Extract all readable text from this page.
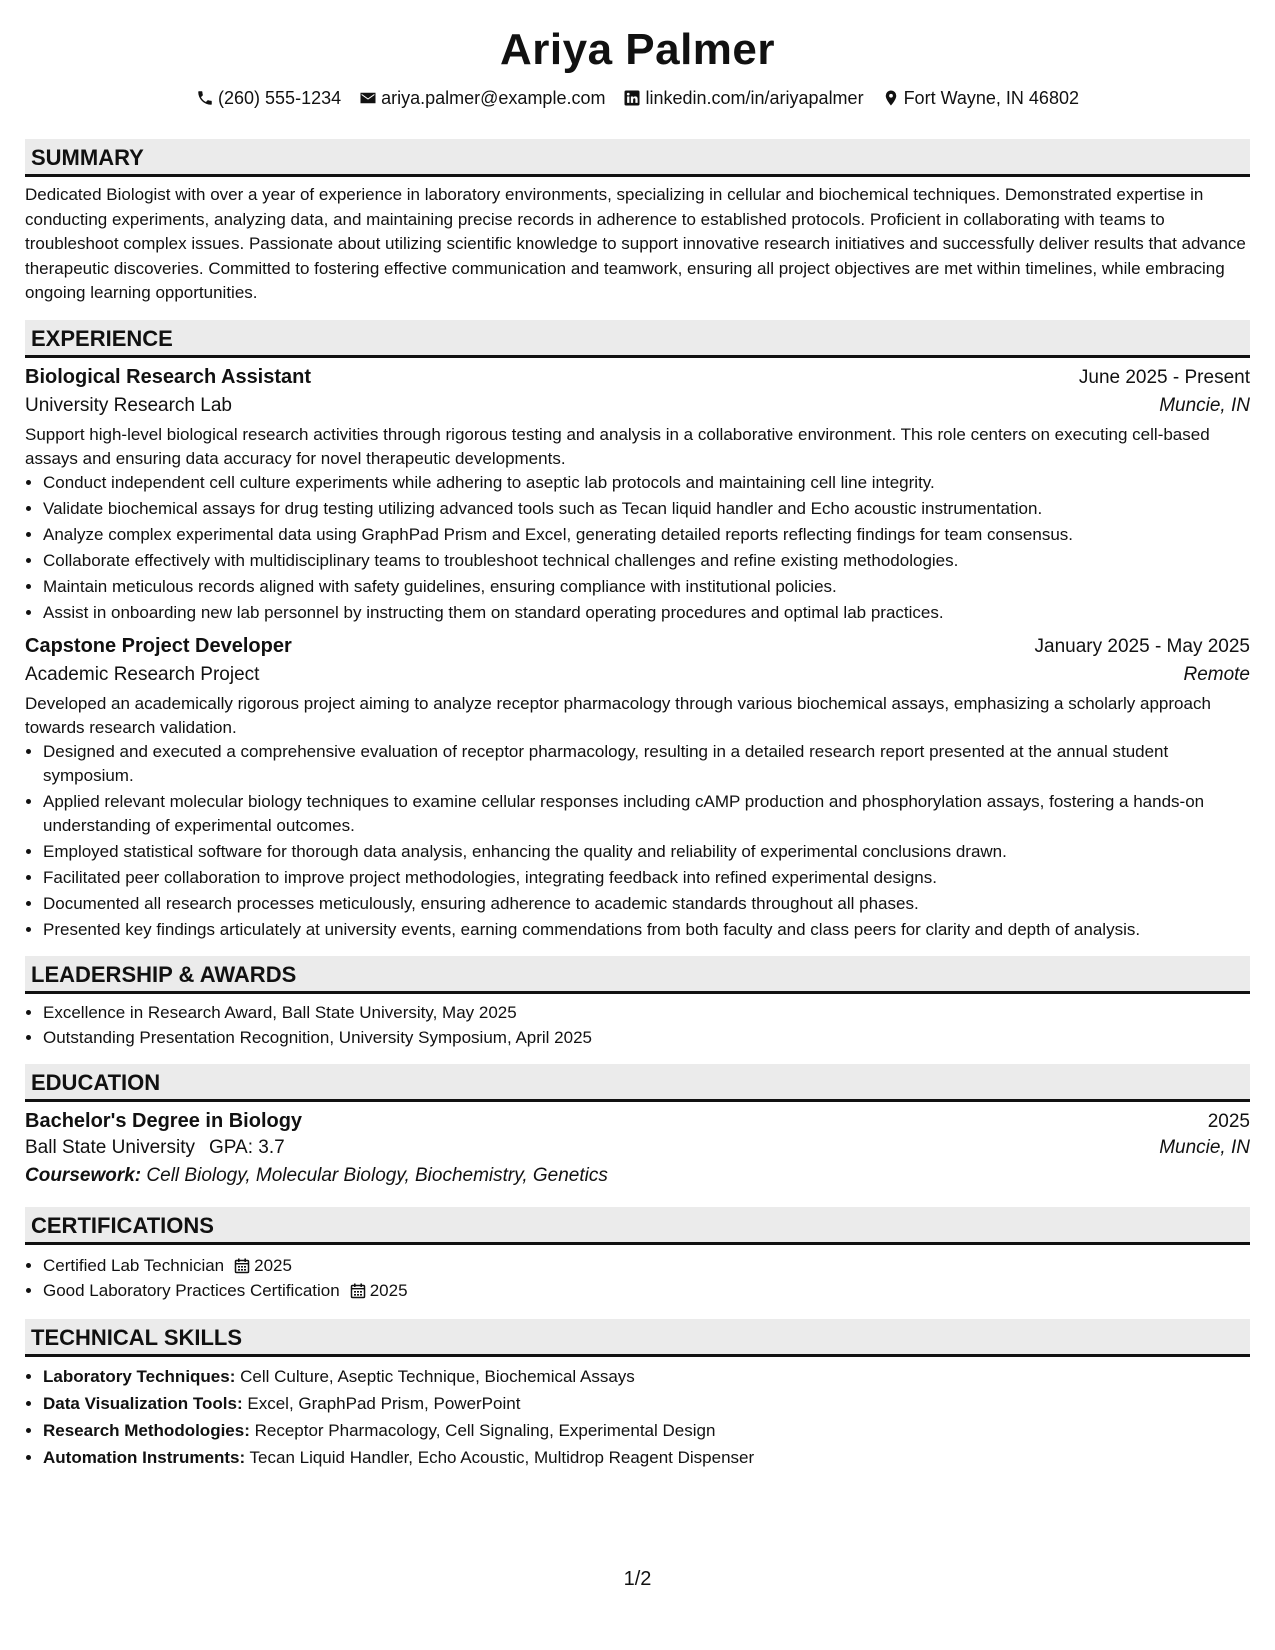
Ariya Palmer
(260) 555-1234 ariya.palmer@example.com linkedin.com/in/ariyapalmer Fort Wayne, IN 46802
SUMMARY
Dedicated Biologist with over a year of experience in laboratory environments, specializing in cellular and biochemical techniques. Demonstrated expertise in conducting experiments, analyzing data, and maintaining precise records in adherence to established protocols. Proficient in collaborating with teams to troubleshoot complex issues. Passionate about utilizing scientific knowledge to support innovative research initiatives and successfully deliver results that advance therapeutic discoveries. Committed to fostering effective communication and teamwork, ensuring all project objectives are met within timelines, while embracing ongoing learning opportunities.
EXPERIENCE
Biological Research Assistant	June 2025 - Present
University Research Lab	Muncie, IN
Support high-level biological research activities through rigorous testing and analysis in a collaborative environment. This role centers on executing cell-based assays and ensuring data accuracy for novel therapeutic developments.
• Conduct independent cell culture experiments while adhering to aseptic lab protocols and maintaining cell line integrity.
• Validate biochemical assays for drug testing utilizing advanced tools such as Tecan liquid handler and Echo acoustic instrumentation.
• Analyze complex experimental data using GraphPad Prism and Excel, generating detailed reports reflecting findings for team consensus.
• Collaborate effectively with multidisciplinary teams to troubleshoot technical challenges and refine existing methodologies.
• Maintain meticulous records aligned with safety guidelines, ensuring compliance with institutional policies.
• Assist in onboarding new lab personnel by instructing them on standard operating procedures and optimal lab practices.
Capstone Project Developer	January 2025 - May 2025
Academic Research Project	Remote
Developed an academically rigorous project aiming to analyze receptor pharmacology through various biochemical assays, emphasizing a scholarly approach towards research validation.
• Designed and executed a comprehensive evaluation of receptor pharmacology, resulting in a detailed research report presented at the annual student symposium.
• Applied relevant molecular biology techniques to examine cellular responses including cAMP production and phosphorylation assays, fostering a hands-on understanding of experimental outcomes.
• Employed statistical software for thorough data analysis, enhancing the quality and reliability of experimental conclusions drawn.
• Facilitated peer collaboration to improve project methodologies, integrating feedback into refined experimental designs.
• Documented all research processes meticulously, ensuring adherence to academic standards throughout all phases.
• Presented key findings articulately at university events, earning commendations from both faculty and class peers for clarity and depth of analysis.
LEADERSHIP & AWARDS
• Excellence in Research Award, Ball State University, May 2025
• Outstanding Presentation Recognition, University Symposium, April 2025
EDUCATION
Bachelor's Degree in Biology	2025
Ball State University GPA: 3.7	Muncie, IN
Coursework: Cell Biology, Molecular Biology, Biochemistry, Genetics
CERTIFICATIONS
• Certified Lab Technician 2025
• Good Laboratory Practices Certification 2025
TECHNICAL SKILLS
• Laboratory Techniques: Cell Culture, Aseptic Technique, Biochemical Assays
• Data Visualization Tools: Excel, GraphPad Prism, PowerPoint
• Research Methodologies: Receptor Pharmacology, Cell Signaling, Experimental Design
• Automation Instruments: Tecan Liquid Handler, Echo Acoustic, Multidrop Reagent Dispenser
1/2
